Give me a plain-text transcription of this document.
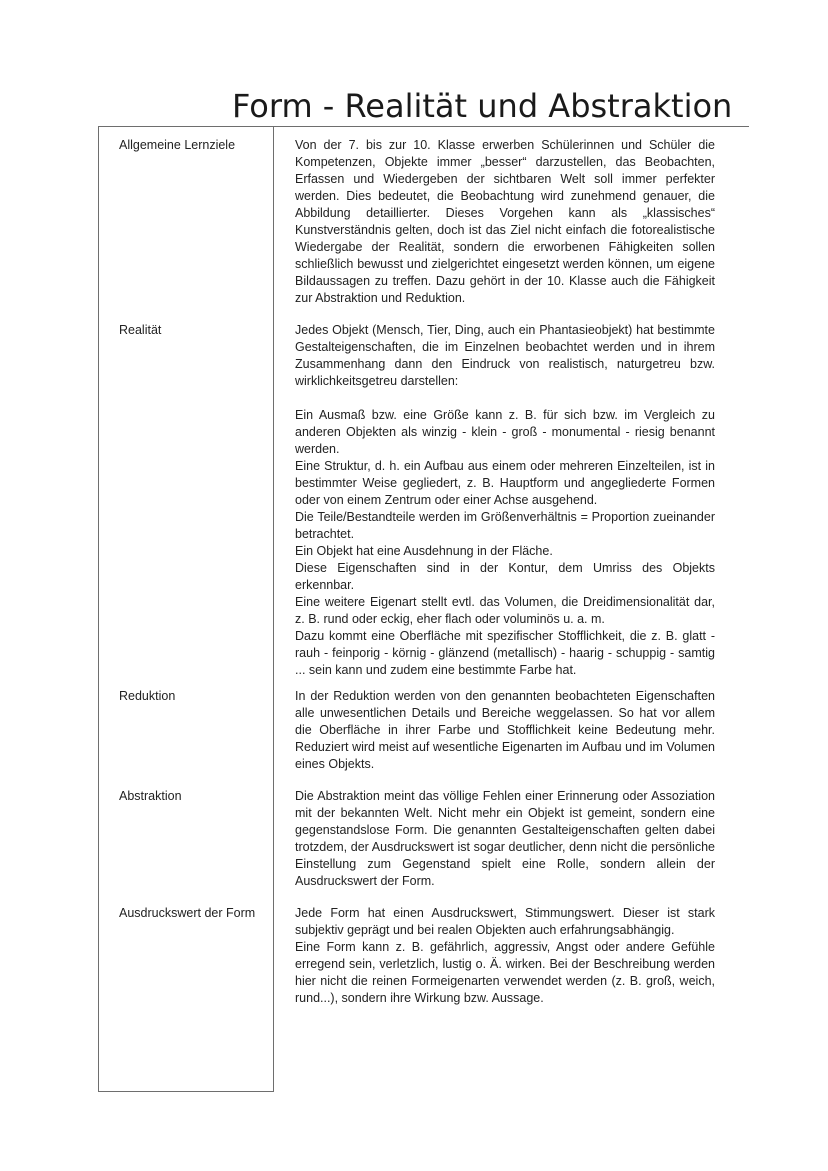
Form - Realität und Abstraktion
Allgemeine Lernziele	Von der 7. bis zur 10. Klasse erwerben Schülerinnen und Schüler die Kompetenzen, Objekte immer „besser“ darzustellen, das Beobachten, Erfassen und Wiedergeben der sichtbaren Welt soll immer perfekter werden. Dies bedeutet, die Beobachtung wird zunehmend genauer, die Abbildung detaillierter. Dieses Vorgehen kann als „klassisches“ Kunstverständnis gelten, doch ist das Ziel nicht einfach die fotorealistische Wiedergabe der Realität, sondern die erworbenen Fähigkeiten sollen schließlich bewusst und zielgerichtet eingesetzt werden können, um eigene Bildaussagen zu treffen. Dazu gehört in der 10. Klasse auch die Fähigkeit zur Abstraktion und Reduktion.

Realität	Jedes Objekt (Mensch, Tier, Ding, auch ein Phantasieobjekt) hat bestimmte Gestalteigenschaften, die im Einzelnen beobachtet werden und in ihrem Zusammenhang dann den Eindruck von realistisch, naturgetreu bzw. wirklichkeitsgetreu darstellen:

Ein Ausmaß bzw. eine Größe kann z. B. für sich bzw. im Vergleich zu anderen Objekten als winzig - klein - groß - monumental - riesig benannt werden.

Eine Struktur, d. h. ein Aufbau aus einem oder mehreren Einzelteilen, ist in bestimmter Weise gegliedert, z. B. Hauptform und angegliederte Formen oder von einem Zentrum oder einer Achse ausgehend.

Die Teile/Bestandteile werden im Größenverhältnis = Proportion zueinander betrachtet.

Ein Objekt hat eine Ausdehnung in der Fläche.

Diese Eigenschaften sind in der Kontur, dem Umriss des Objekts erkennbar.

Eine weitere Eigenart stellt evtl. das Volumen, die Dreidimensionalität dar, z. B. rund oder eckig, eher flach oder voluminös u. a. m.

Dazu kommt eine Oberfläche mit spezifischer Stofflichkeit, die z. B. glatt - rauh - feinporig - körnig - glänzend (metallisch) - haarig - schuppig - samtig ... sein kann und zudem eine bestimmte Farbe hat.

Reduktion	In der Reduktion werden von den genannten beobachteten Eigenschaften alle unwesentlichen Details und Bereiche weggelassen. So hat vor allem die Oberfläche in ihrer Farbe und Stofflichkeit keine Bedeutung mehr. Reduziert wird meist auf wesentliche Eigenarten im Aufbau und im Volumen eines Objekts.

Abstraktion	Die Abstraktion meint das völlige Fehlen einer Erinnerung oder Assoziation mit der bekannten Welt. Nicht mehr ein Objekt ist gemeint, sondern eine gegenstandslose Form. Die genannten Gestalteigenschaften gelten dabei trotzdem, der Ausdruckswert ist sogar deutlicher, denn nicht die persönliche Einstellung zum Gegenstand spielt eine Rolle, sondern allein der Ausdruckswert der Form.

Ausdruckswert der Form	Jede Form hat einen Ausdruckswert, Stimmungswert. Dieser ist stark subjektiv geprägt und bei realen Objekten auch erfahrungsabhängig.

Eine Form kann z. B. gefährlich, aggressiv, Angst oder andere Gefühle erregend sein, verletzlich, lustig o. Ä. wirken. Bei der Beschreibung werden hier nicht die reinen Formeigenarten verwendet werden (z. B. groß, weich, rund...), sondern ihre Wirkung bzw. Aussage.
